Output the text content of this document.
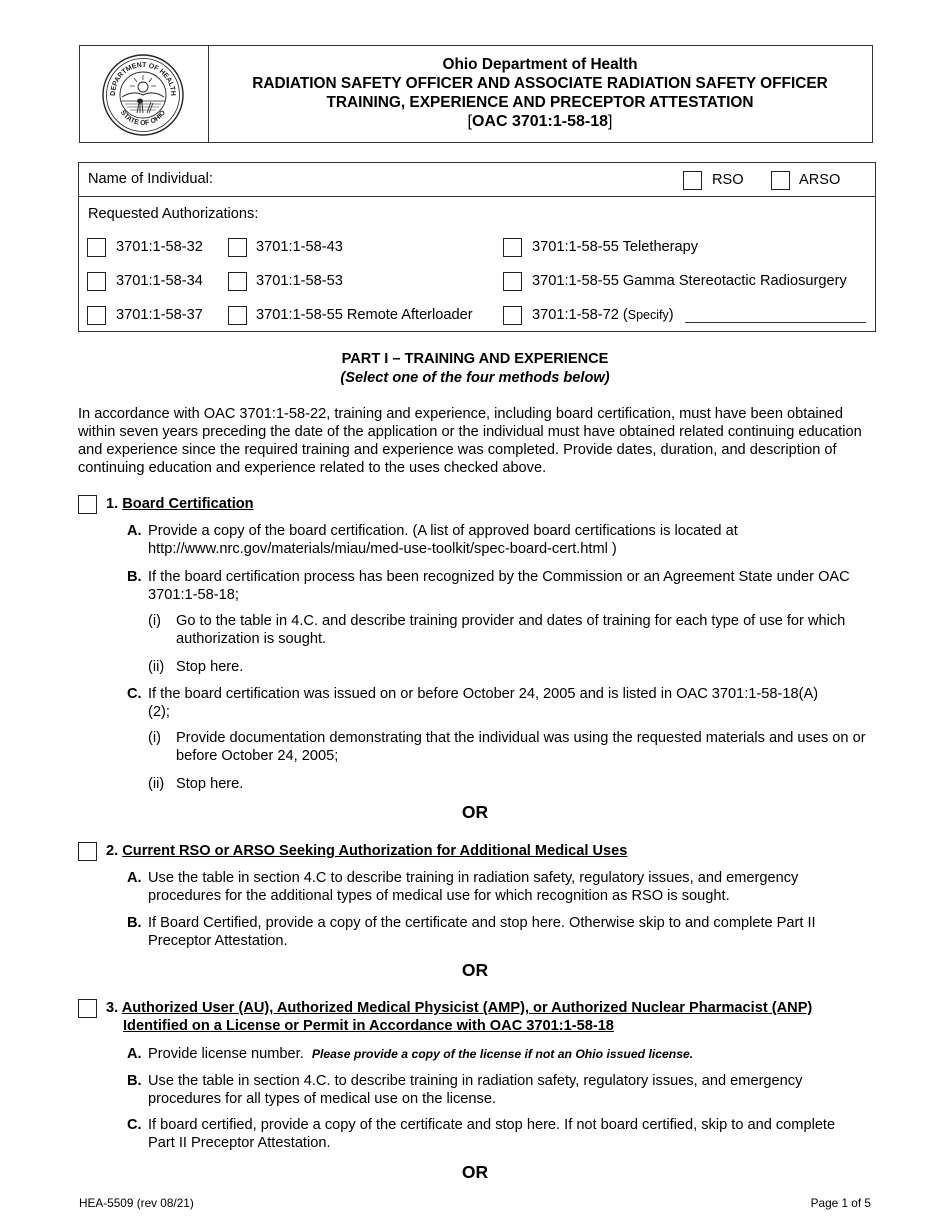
DEPARTMENT OF HEALTH
STATE OF OHIO
Ohio Department of Health
RADIATION SAFETY OFFICER AND ASSOCIATE RADIATION SAFETY OFFICER
TRAINING, EXPERIENCE AND PRECEPTOR ATTESTATION
[OAC 3701:1-58-18]
Name of Individual:	RSO	ARSO
Requested Authorizations:
3701:1-58-32	3701:1-58-43	3701:1-58-55 Teletherapy
3701:1-58-34	3701:1-58-53	3701:1-58-55 Gamma Stereotactic Radiosurgery
3701:1-58-37	3701:1-58-55 Remote Afterloader	3701:1-58-72 (Specify)
PART I – TRAINING AND EXPERIENCE
(Select one of the four methods below)
In accordance with OAC 3701:1-58-22, training and experience, including board certification, must have been obtained within seven years preceding the date of the application or the individual must have obtained related continuing education and experience since the required training and experience was completed. Provide dates, duration, and description of continuing education and experience related to the uses checked above.
1. Board Certification
A. Provide a copy of the board certification. (A list of approved board certifications is located at http://www.nrc.gov/materials/miau/med-use-toolkit/spec-board-cert.html )
B. If the board certification process has been recognized by the Commission or an Agreement State under OAC 3701:1-58-18;
(i) Go to the table in 4.C. and describe training provider and dates of training for each type of use for which authorization is sought.
(ii) Stop here.
C. If the board certification was issued on or before October 24, 2005 and is listed in OAC 3701:1-58-18(A)(2);
(i) Provide documentation demonstrating that the individual was using the requested materials and uses on or before October 24, 2005;
(ii) Stop here.
OR
2. Current RSO or ARSO Seeking Authorization for Additional Medical Uses
A. Use the table in section 4.C to describe training in radiation safety, regulatory issues, and emergency procedures for the additional types of medical use for which recognition as RSO is sought.
B. If Board Certified, provide a copy of the certificate and stop here. Otherwise skip to and complete Part II Preceptor Attestation.
OR
3. Authorized User (AU), Authorized Medical Physicist (AMP), or Authorized Nuclear Pharmacist (ANP)
Identified on a License or Permit in Accordance with OAC 3701:1-58-18
A. Provide license number. Please provide a copy of the license if not an Ohio issued license.
B. Use the table in section 4.C. to describe training in radiation safety, regulatory issues, and emergency procedures for all types of medical use on the license.
C. If board certified, provide a copy of the certificate and stop here. If not board certified, skip to and complete Part II Preceptor Attestation.
OR
HEA-5509 (rev 08/21)	Page 1 of 5
